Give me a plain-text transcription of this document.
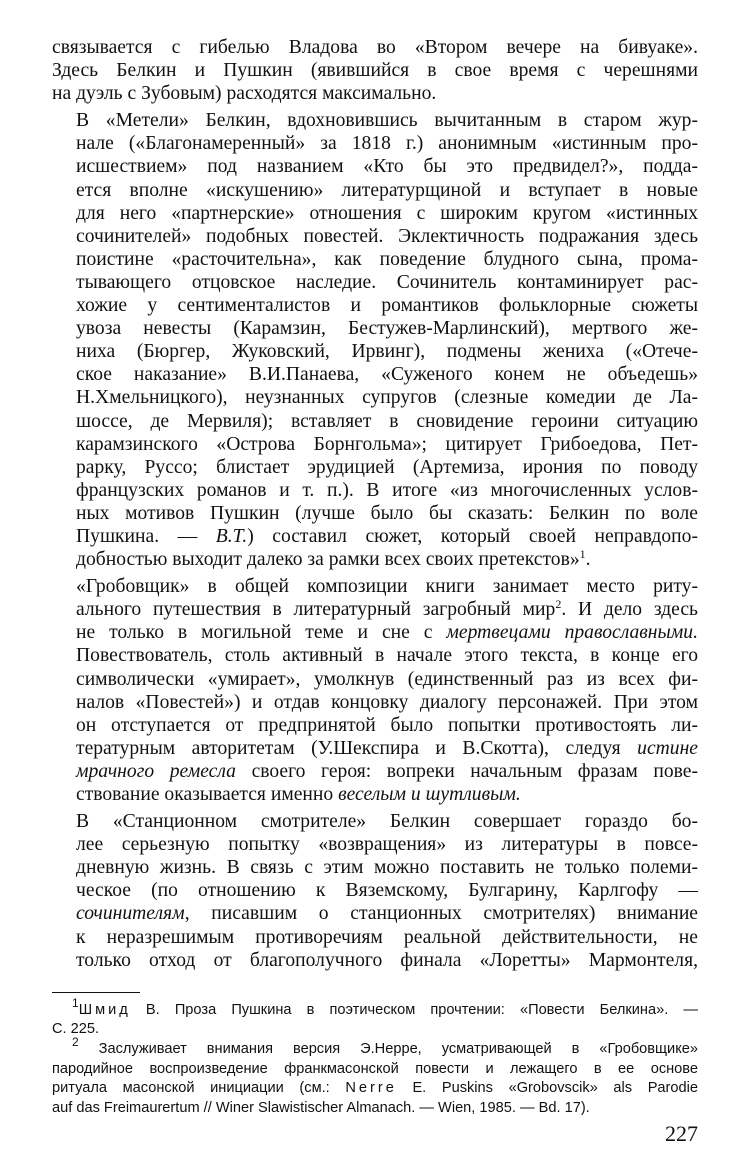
связывается с гибелью Владова во «Втором вечере на бивуаке».
Здесь Белкин и Пушкин (явившийся в свое время с черешнями
на дуэль с Зубовым) расходятся максимально.

В «Метели» Белкин, вдохновившись вычитанным в старом жур-
нале («Благонамеренный» за 1818 г.) анонимным «истинным про-
исшествием» под названием «Кто бы это предвидел?», подда-
ется вполне «искушению» литературщиной и вступает в новые
для него «партнерские» отношения с широким кругом «истинных
сочинителей» подобных повестей. Эклектичность подражания здесь
поистине «расточительна», как поведение блудного сына, прома-
тывающего отцовское наследие. Сочинитель контаминирует рас-
хожие у сентименталистов и романтиков фольклорные сюжеты
увоза невесты (Карамзин, Бестужев-Марлинский), мертвого же-
ниха (Бюргер, Жуковский, Ирвинг), подмены жениха («Отече-
ское наказание» В.И.Панаева, «Суженого конем не объедешь»
Н.Хмельницкого), неузнанных супругов (слезные комедии де Ла-
шоссе, де Мервиля); вставляет в сновидение героини ситуацию
карамзинского «Острова Борнгольма»; цитирует Грибоедова, Пет-
рарку, Руссо; блистает эрудицией (Артемиза, ирония по поводу
французских романов и т. п.). В итоге «из многочисленных услов-
ных мотивов Пушкин (лучше было бы сказать: Белкин по воле
Пушкина. — В.Т.) составил сюжет, который своей неправдопо-
добностью выходит далеко за рамки всех своих претекстов»$^1$.

«Гробовщик» в общей композиции книги занимает место риту-
ального путешествия в литературный загробный мир$^2$. И дело здесь
не только в могильной теме и сне с мертвецами православными.
Повествователь, столь активный в начале этого текста, в конце его
символически «умирает», умолкнув (единственный раз из всех фи-
налов «Повестей») и отдав концовку диалогу персонажей. При этом
он отступается от предпринятой было попытки противостоять ли-
тературным авторитетам (У.Шекспира и В.Скотта), следуя истине
мрачного ремесла своего героя: вопреки начальным фразам пове-
ствование оказывается именно веселым и шутливым.

В «Станционном смотрителе» Белкин совершает гораздо бо-
лее серьезную попытку «возвращения» из литературы в повсе-
дневную жизнь. В связь с этим можно поставить не только полеми-
ческое (по отношению к Вяземскому, Булгарину, Карлгофу —
сочинителям, писавшим о станционных смотрителях) внимание
к неразрешимым противоречиям реальной действительности, не
только отход от благополучного финала «Лоретты» Мармонтеля,

$^1$Шмид В. Проза Пушкина в поэтическом прочтении: «Повести Белкина». —
С. 225.
$^2$ Заслуживает внимания версия Э.Нерре, усматривающей в «Гробовщике»
пародийное воспроизведение франкмасонской повести и лежащего в ее основе
ритуала масонской инициации (см.: Nerre E. Puskins «Grobovscik» als Parodie
auf das Freimaurertum // Winer Slawistischer Almanach. — Wien, 1985. — Bd. 17).
227
